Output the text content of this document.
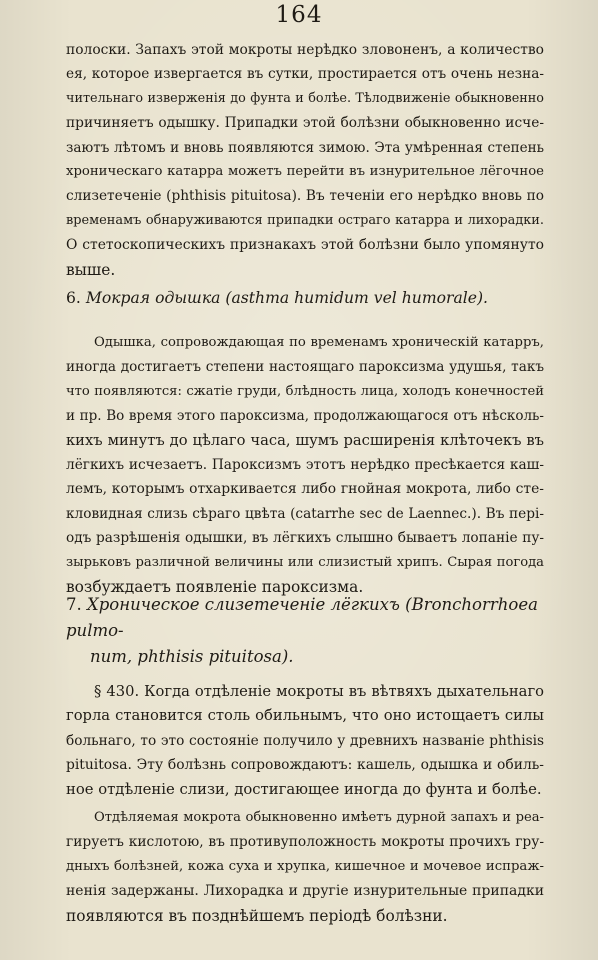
164
полоски. Запахъ этой мокроты нерѣдко зловоненъ, а количество
ея, которое извергается въ сутки, простирается отъ очень незна-
чительнаго изверженія до фунта и болѣе. Тѣлодвиженіе обыкновенно
причиняетъ одышку. Припадки этой болѣзни обыкновенно исче-
заютъ лѣтомъ и вновь появляются зимою. Эта умѣренная степень
хроническаго катарра можетъ перейти въ изнурительное лёгочное
слизетеченіе (phthisis pituitosa). Въ теченіи его нерѣдко вновь по
временамъ обнаруживаются припадки остраго катарра и лихорадки.
О стетоскопическихъ признакахъ этой болѣзни было упомянуто
выше.
6. Мокрая одышка (asthma humidum vel humorale).
Одышка, сопровождающая по временамъ хроническій катарръ,
иногда достигаетъ степени настоящаго пароксизма удушья, такъ
что появляются: сжатіе груди, блѣдность лица, холодъ конечностей
и пр. Во время этого пароксизма, продолжающагося отъ нѣсколь-
кихъ минутъ до цѣлаго часа, шумъ расширенія клѣточекъ въ
лёгкихъ исчезаетъ. Пароксизмъ этотъ нерѣдко пресѣкается каш-
лемъ, которымъ отхаркивается либо гнойная мокрота, либо сте-
кловидная слизь сѣраго цвѣта (catarrhe sec de Laennec.). Въ пері-
одъ разрѣшенія одышки, въ лёгкихъ слышно бываетъ лопаніе пу-
зырьковъ различной величины или слизистый хрипъ. Сырая погода
возбуждаетъ появленіе пароксизма.
7. Хроническое слизетеченіе лёгкихъ (Bronchorrhoea pulmo-
num, phthisis pituitosa).
§ 430. Когда отдѣленіе мокроты въ вѣтвяхъ дыхательнаго
горла становится столь обильнымъ, что оно истощаетъ силы
больнаго, то это состояніе получило у древнихъ названіе phthisis
pituitosa. Эту болѣзнь сопровождаютъ: кашель, одышка и обиль-
ное отдѣленіе слизи, достигающее иногда до фунта и болѣе.
Отдѣляемая мокрота обыкновенно имѣетъ дурной запахъ и реа-
гируетъ кислотою, въ противуположность мокроты прочихъ гру-
дныхъ болѣзней, кожа суха и хрупка, кишечное и мочевое испраж-
ненія задержаны. Лихорадка и другіе изнурительные припадки
появляются въ позднѣйшемъ періодѣ болѣзни.
